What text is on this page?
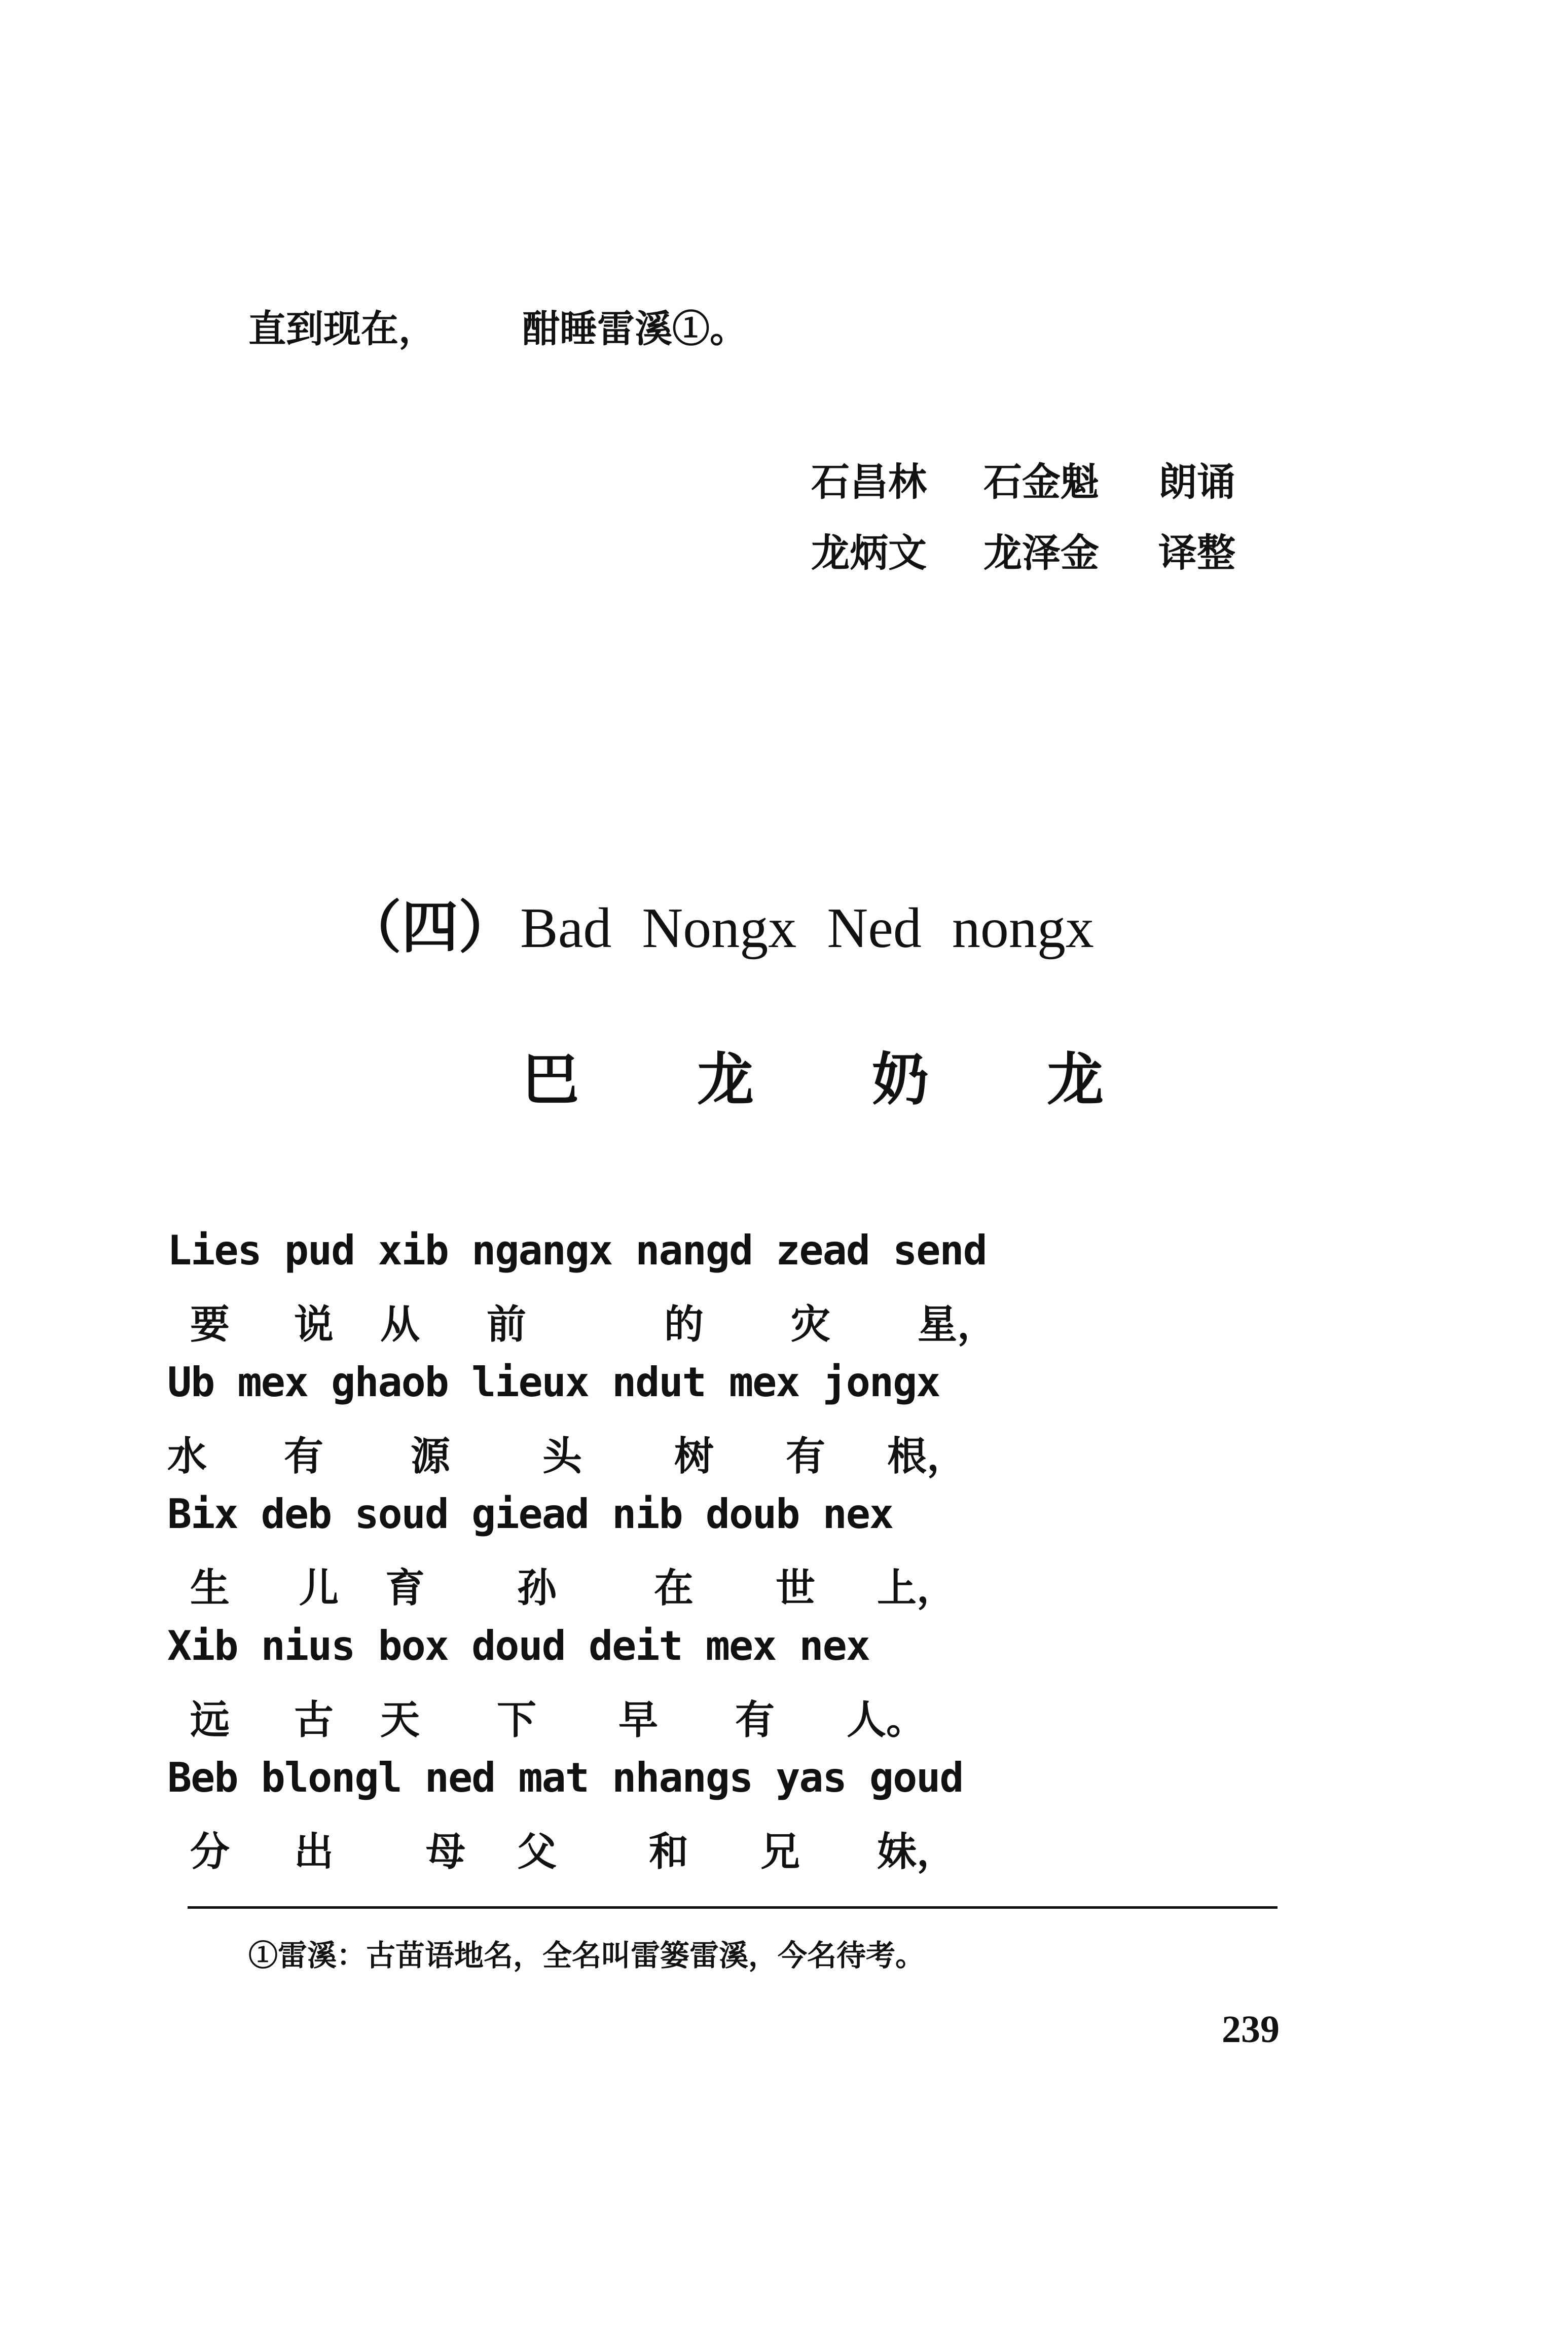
直到现在， 酣睡雷溪①。
石昌林	石金魁	朗诵
龙炳文	龙泽金	译整
（四）Bad Nongx Ned nongx
巴 龙 奶 龙
Lies pud xib ngangx nangd zead send
要 说 从 前	的 灾 星，
Ub mex ghaob lieux ndut mex jongx
水 有 源 头 树 有 根，
Bix deb soud giead nib doub nex
生 儿 育 孙 在 世 上，
Xib nius box doud deit mex nex
远 古 天 下 早 有 人。
Beb blongl ned mat nhangs yas goud
分 出 母 父 和 兄 妹，
①雷溪：古苗语地名，全名叫雷篓雷溪，今名待考。
239
